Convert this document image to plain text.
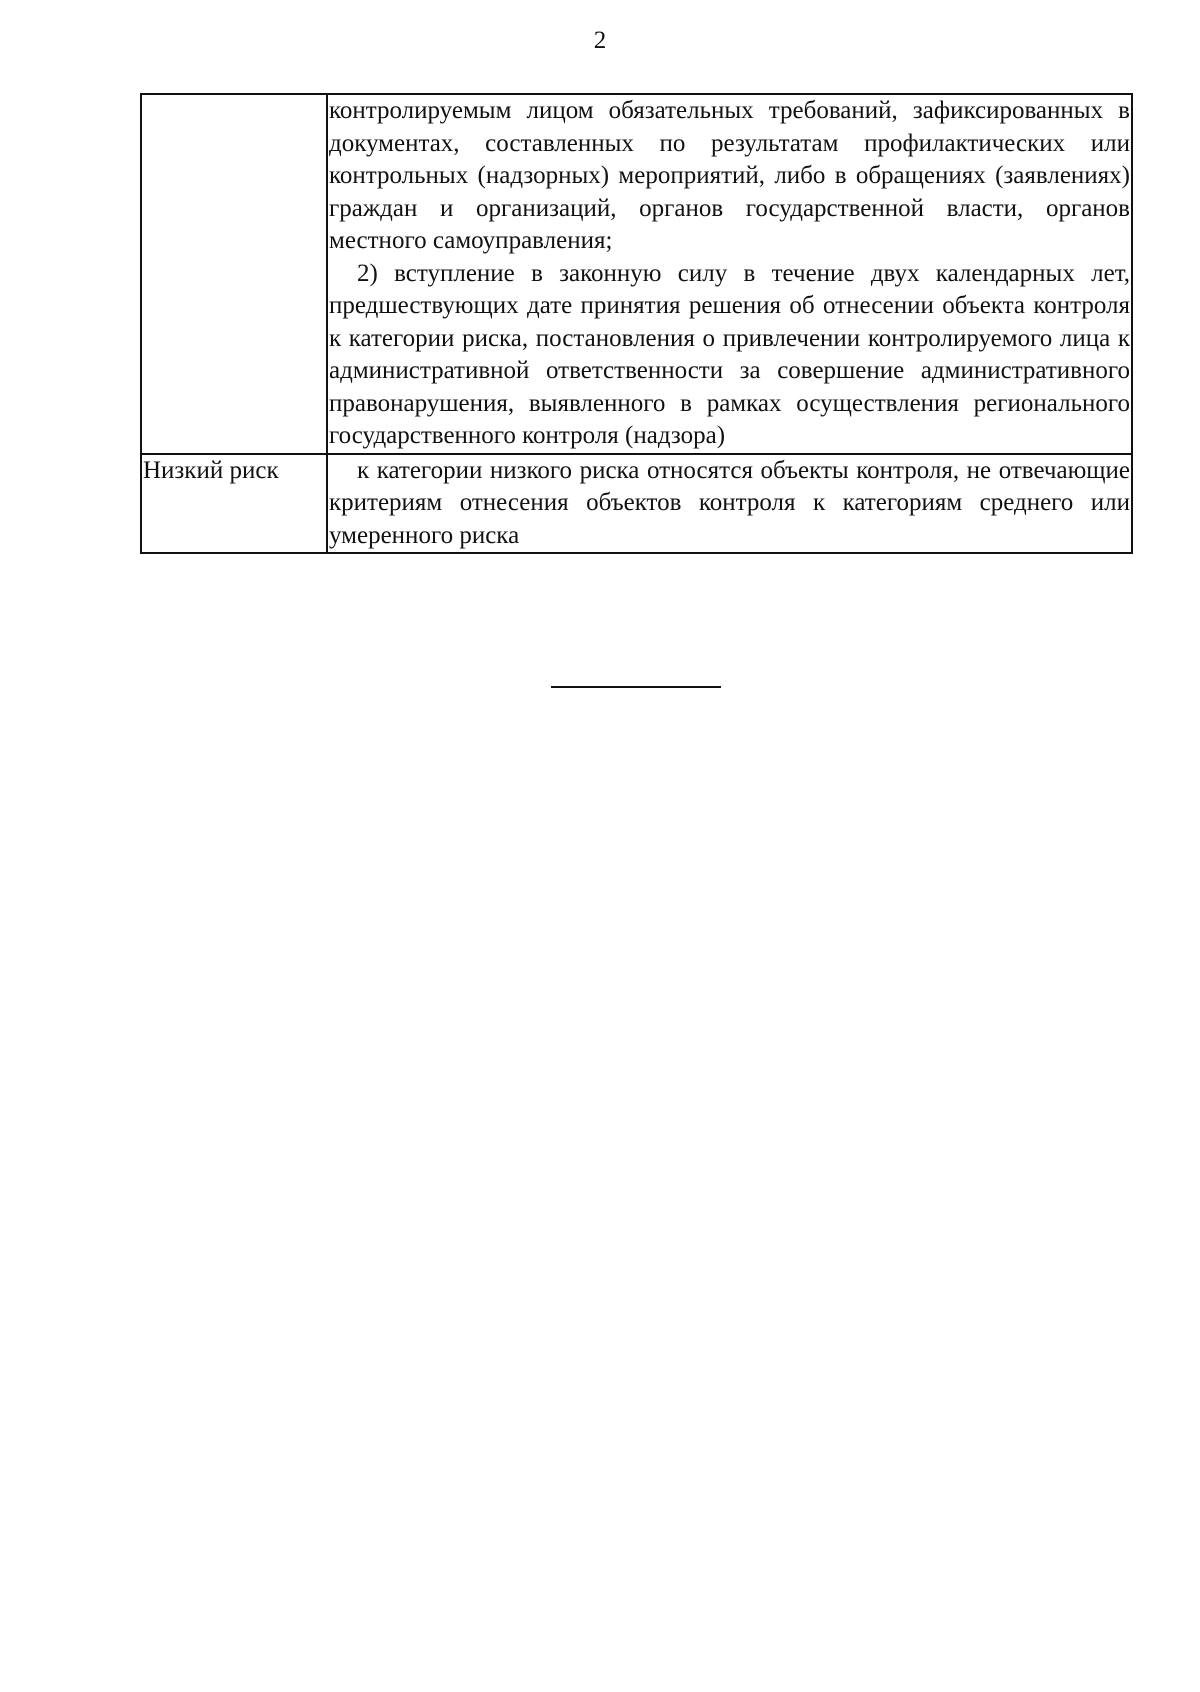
2

	контролируемым лицом обязательных требований, зафиксированных в документах, составленных по результатам профилактических или контрольных (надзорных) мероприятий, либо в обращениях (заявлениях) граждан и организаций, органов государственной власти, органов местного самоуправления;

2) вступление в законную силу в течение двух календарных лет, предшествующих дате принятия решения об отнесении объекта контроля к категории риска, постановления о привлечении контролируемого лица к административной ответственности за совершение административного правонарушения, выявленного в рамках осуществления регионального государственного контроля (надзора)

Низкий риск	к категории низкого риска относятся объекты контроля, не отвечающие критериям отнесения объектов контроля к категориям среднего или умеренного риска
